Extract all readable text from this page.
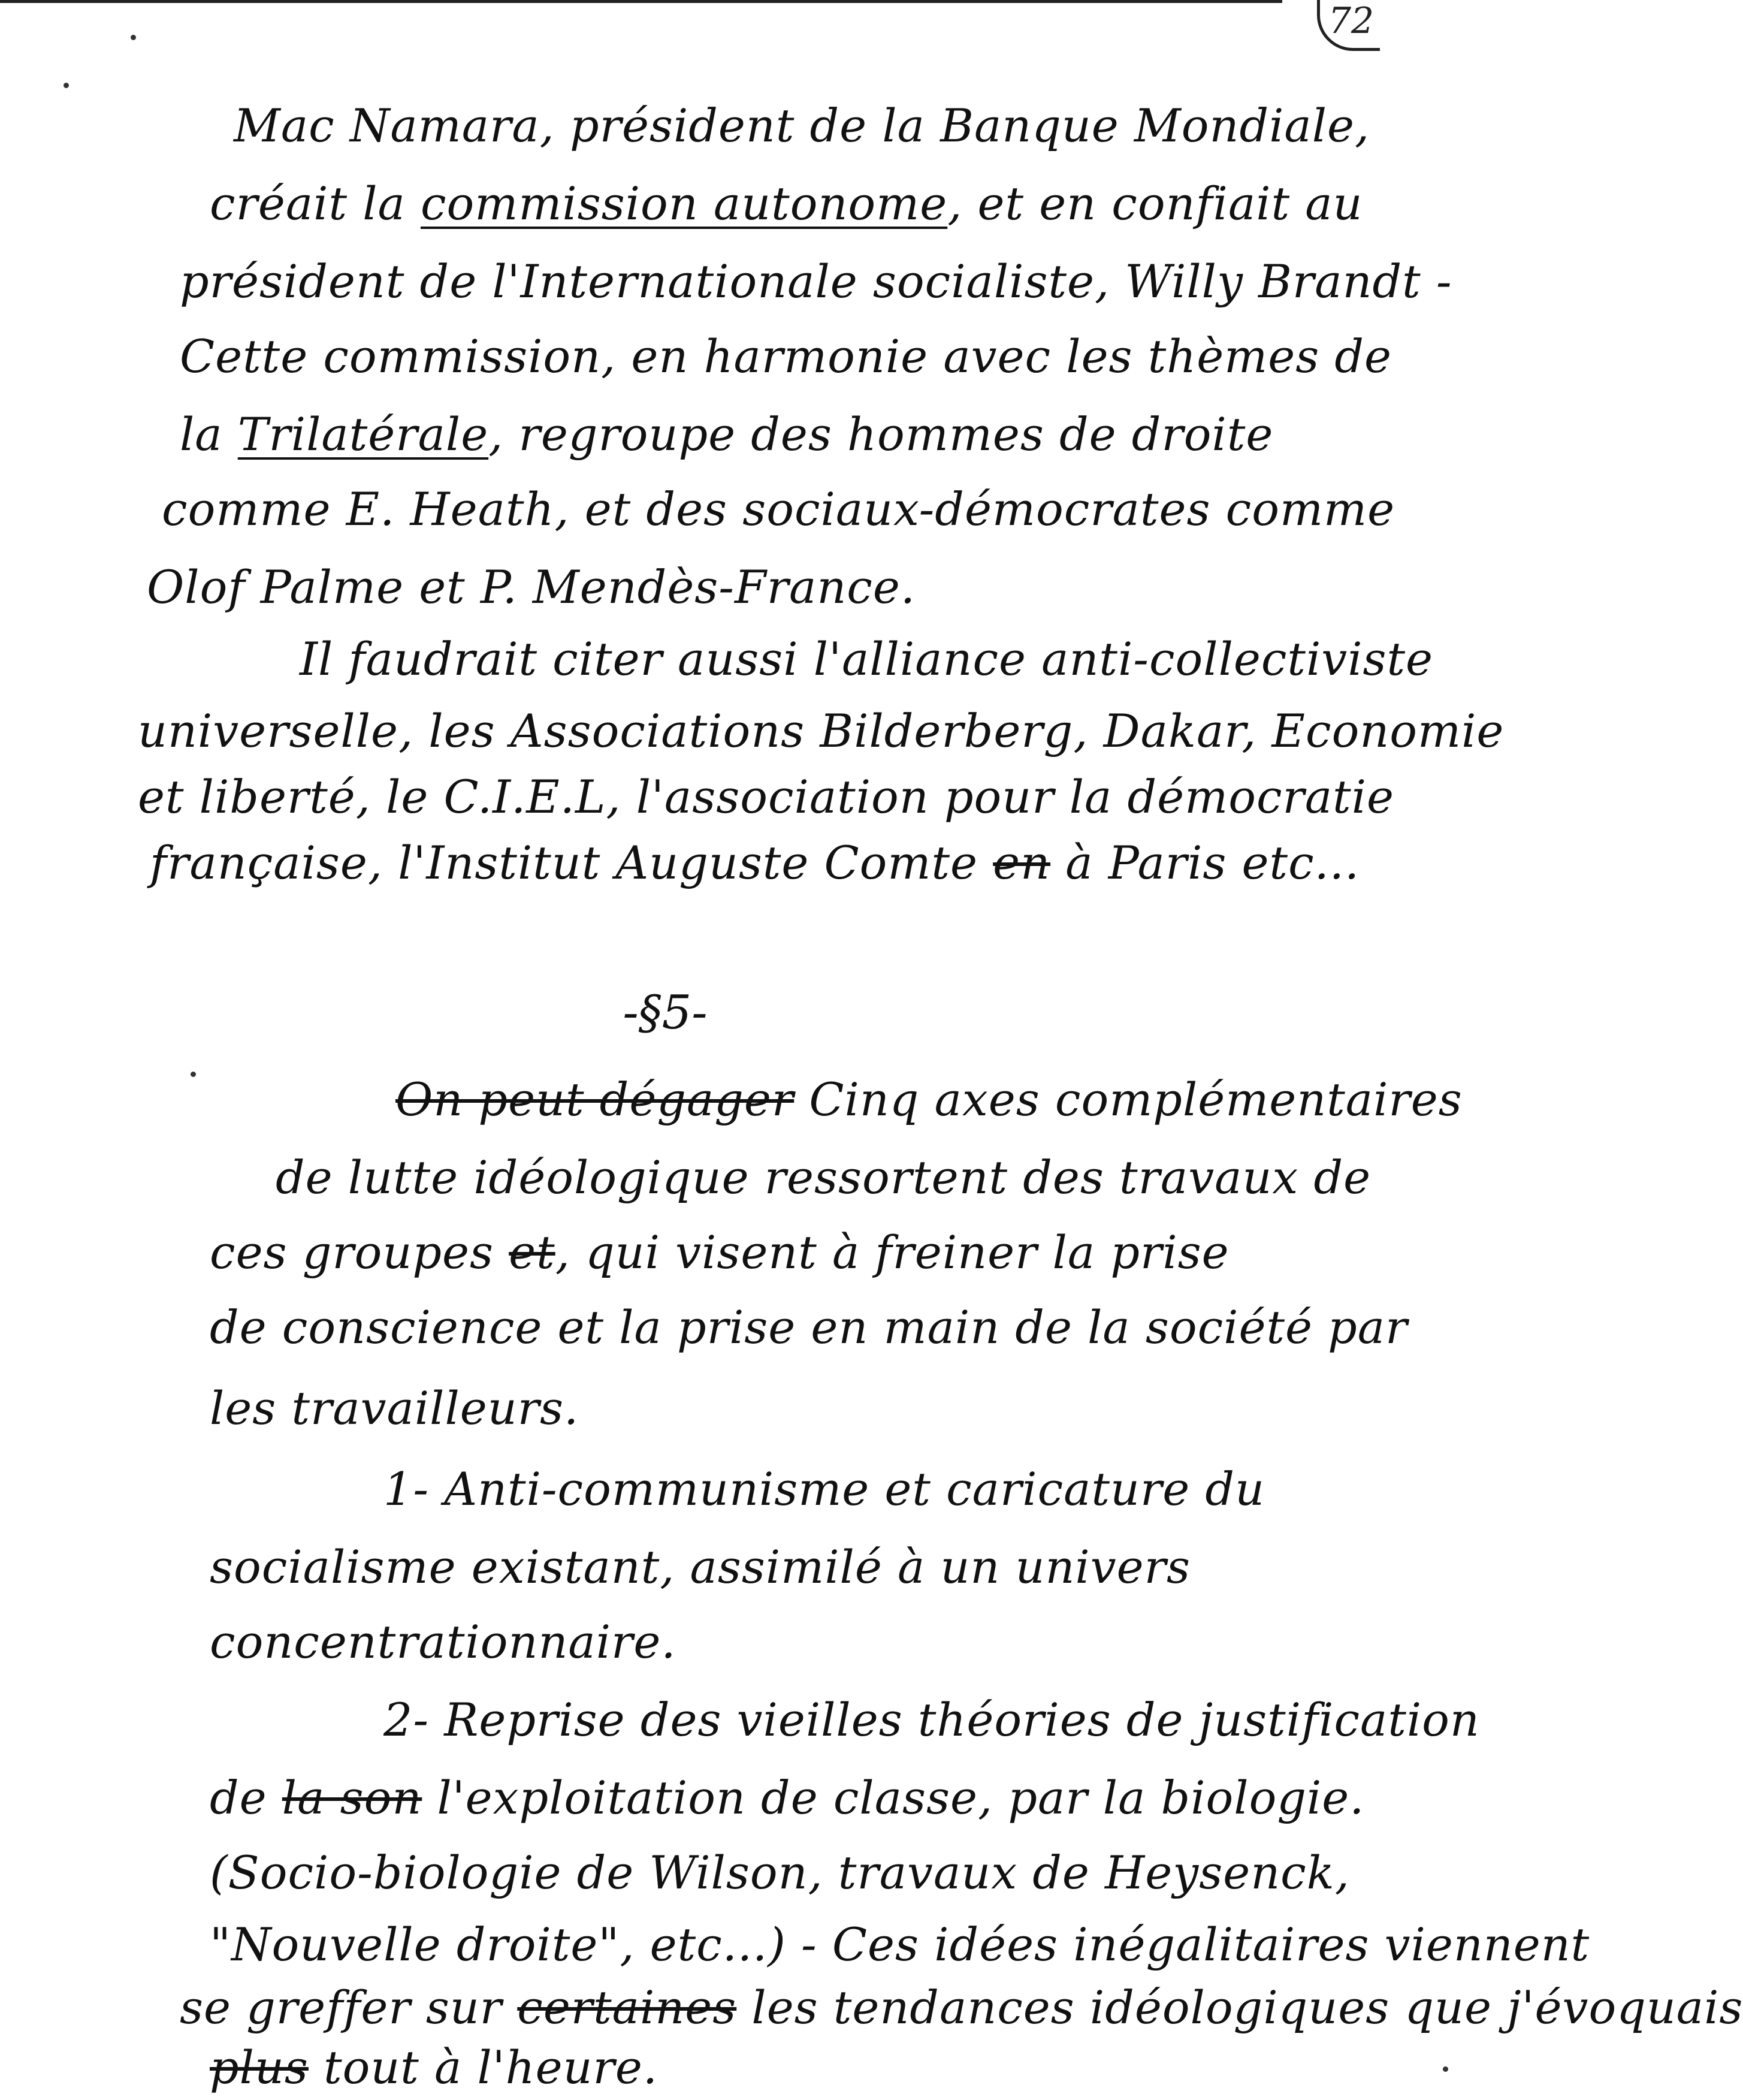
72
-§5-
Mac Namara, président de la Banque Mondiale,
créait la commission autonome, et en confiait au
président de l'Internationale socialiste, Willy Brandt -
Cette commission, en harmonie avec les thèmes de
la Trilatérale, regroupe des hommes de droite
comme E. Heath, et des sociaux-démocrates comme
Olof Palme et P. Mendès-France.
Il faudrait citer aussi l'alliance anti-collectiviste
universelle, les Associations Bilderberg, Dakar, Economie
et liberté, le C.I.E.L, l'association pour la démocratie
française, l'Institut Auguste Comte en à Paris etc...
On peut dégager Cinq axes complémentaires
de lutte idéologique ressortent des travaux de
ces groupes et, qui visent à freiner la prise
de conscience et la prise en main de la société par
les travailleurs.
1- Anti-communisme et caricature du
socialisme existant, assimilé à un univers
concentrationnaire.
2- Reprise des vieilles théories de justification
de la son l'exploitation de classe, par la biologie.
(Socio-biologie de Wilson, travaux de Heysenck,
"Nouvelle droite", etc...) - Ces idées inégalitaires viennent
se greffer sur certaines les tendances idéologiques que j'évoquais
plus tout à l'heure.
